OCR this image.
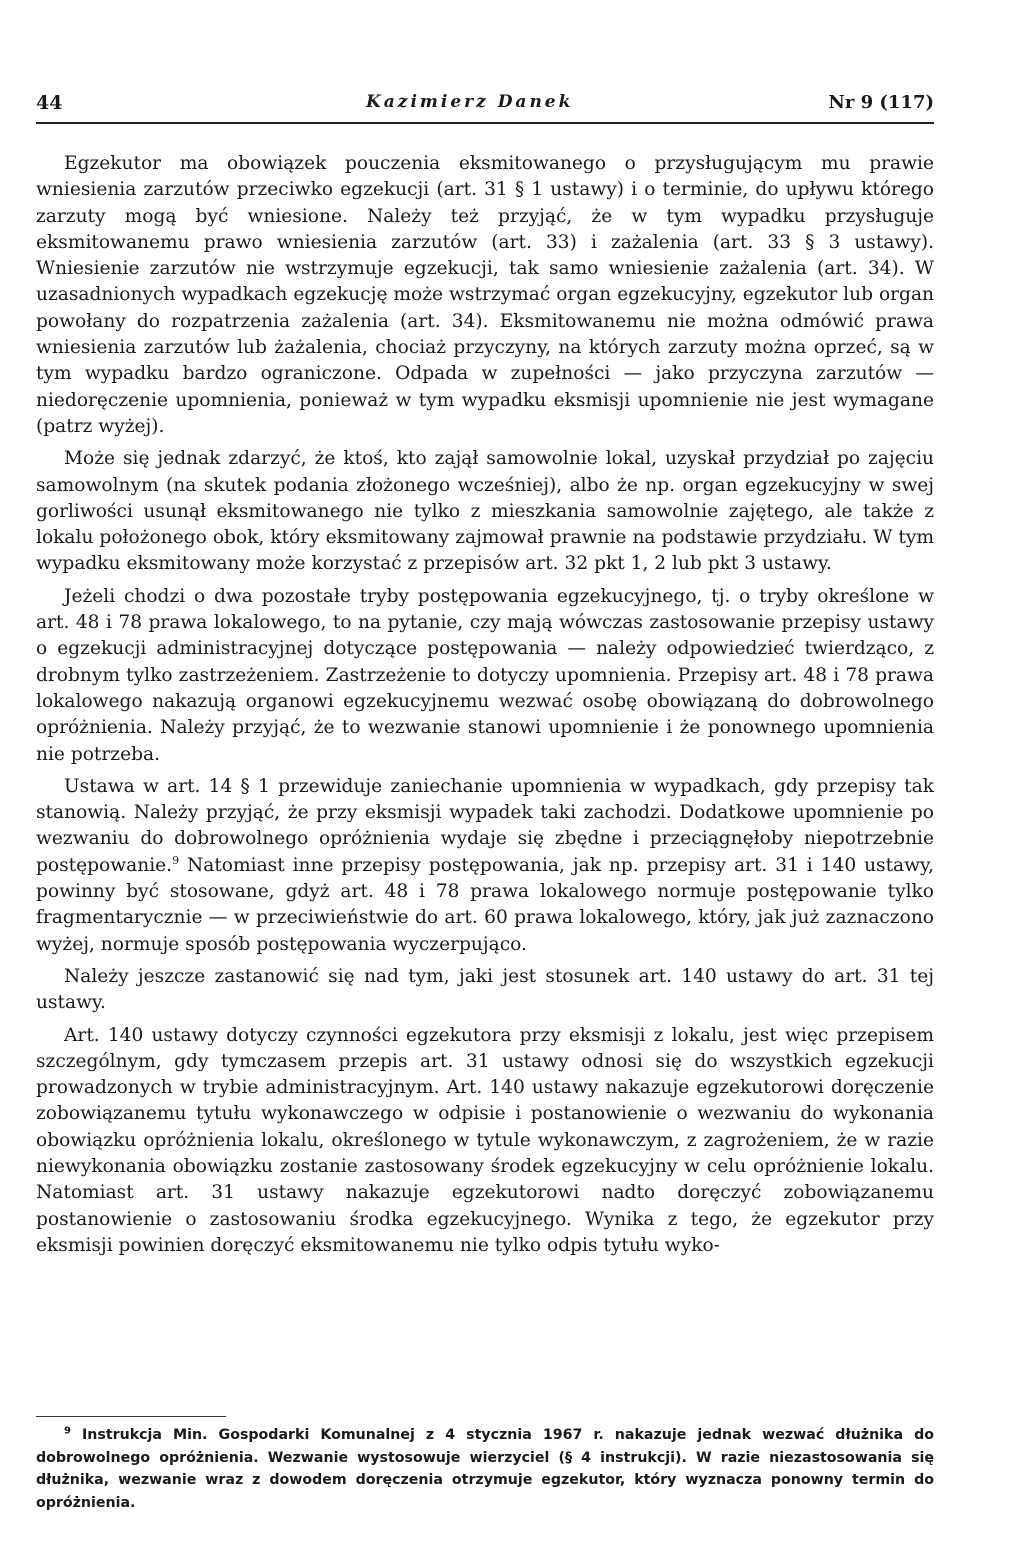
44	Kazimierz Danek	Nr 9 (117)

Egzekutor ma obowiązek pouczenia eksmitowanego o przysługującym mu prawie wniesienia zarzutów przeciwko egzekucji (art. 31 § 1 ustawy) i o terminie, do upływu którego zarzuty mogą być wniesione. Należy też przyjąć, że w tym wypadku przysługuje eksmitowanemu prawo wniesienia zarzutów (art. 33) i zażalenia (art. 33 § 3 ustawy). Wniesienie zarzutów nie wstrzymuje egzekucji, tak samo wniesienie zażalenia (art. 34). W uzasadnionych wypadkach egzekucję może wstrzymać organ egzekucyjny, egzekutor lub organ powołany do rozpatrzenia zażalenia (art. 34). Eksmitowanemu nie można odmówić prawa wniesienia zarzutów lub żażalenia, chociaż przyczyny, na których zarzuty można oprzeć, są w tym wypadku bardzo ograniczone. Odpada w zupełności — jako przyczyna zarzutów — niedoręczenie upomnienia, ponieważ w tym wypadku eksmisji upomnienie nie jest wymagane (patrz wyżej).

Może się jednak zdarzyć, że ktoś, kto zajął samowolnie lokal, uzyskał przydział po zajęciu samowolnym (na skutek podania złożonego wcześniej), albo że np. organ egzekucyjny w swej gorliwości usunął eksmitowanego nie tylko z mieszkania samowolnie zajętego, ale także z lokalu położonego obok, który eksmitowany zajmował prawnie na podstawie przydziału. W tym wypadku eksmitowany może korzystać z przepisów art. 32 pkt 1, 2 lub pkt 3 ustawy.

Jeżeli chodzi o dwa pozostałe tryby postępowania egzekucyjnego, tj. o tryby określone w art. 48 i 78 prawa lokalowego, to na pytanie, czy mają wówczas zastosowanie przepisy ustawy o egzekucji administracyjnej dotyczące postępowania — należy odpowiedzieć twierdząco, z drobnym tylko zastrzeżeniem. Zastrzeżenie to dotyczy upomnienia. Przepisy art. 48 i 78 prawa lokalowego nakazują organowi egzekucyjnemu wezwać osobę obowiązaną do dobrowolnego opróżnienia. Należy przyjąć, że to wezwanie stanowi upomnienie i że ponownego upomnienia nie potrzeba.

Ustawa w art. 14 § 1 przewiduje zaniechanie upomnienia w wypadkach, gdy przepisy tak stanowią. Należy przyjąć, że przy eksmisji wypadek taki zachodzi. Dodatkowe upomnienie po wezwaniu do dobrowolnego opróżnienia wydaje się zbędne i przeciągnęłoby niepotrzebnie postępowanie.$^9$ Natomiast inne przepisy postępowania, jak np. przepisy art. 31 i 140 ustawy, powinny być stosowane, gdyż art. 48 i 78 prawa lokalowego normuje postępowanie tylko fragmentarycznie — w przeciwieństwie do art. 60 prawa lokalowego, który, jak już zaznaczono wyżej, normuje sposób postępowania wyczerpująco.

Należy jeszcze zastanowić się nad tym, jaki jest stosunek art. 140 ustawy do art. 31 tej ustawy.

Art. 140 ustawy dotyczy czynności egzekutora przy eksmisji z lokalu, jest więc przepisem szczególnym, gdy tymczasem przepis art. 31 ustawy odnosi się do wszystkich egzekucji prowadzonych w trybie administracyjnym. Art. 140 ustawy nakazuje egzekutorowi doręczenie zobowiązanemu tytułu wykonawczego w odpisie i postanowienie o wezwaniu do wykonania obowiązku opróżnienia lokalu, określonego w tytule wykonawczym, z zagrożeniem, że w razie niewykonania obowiązku zostanie zastosowany środek egzekucyjny w celu opróżnienie lokalu. Natomiast art. 31 ustawy nakazuje egzekutorowi nadto doręczyć zobowiązanemu postanowienie o zastosowaniu środka egzekucyjnego. Wynika z tego, że egzekutor przy eksmisji powinien doręczyć eksmitowanemu nie tylko odpis tytułu wyko-

$^9$ Instrukcja Min. Gospodarki Komunalnej z 4 stycznia 1967 r. nakazuje jednak wezwać dłużnika do dobrowolnego opróżnienia. Wezwanie wystosowuje wierzyciel (§ 4 instrukcji). W razie niezastosowania się dłużnika, wezwanie wraz z dowodem doręczenia otrzymuje egzekutor, który wyznacza ponowny termin do opróżnienia.
